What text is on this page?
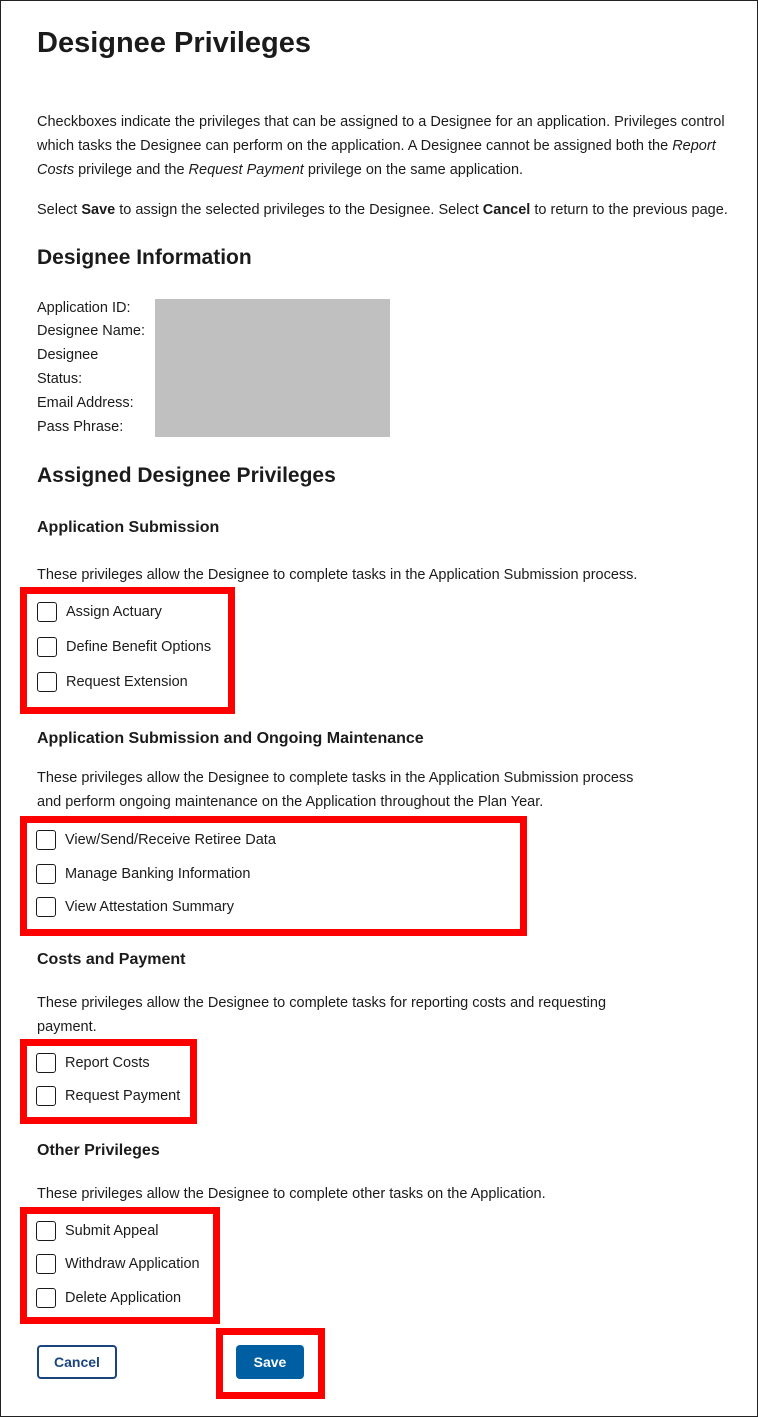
Designee Privileges

Checkboxes indicate the privileges that can be assigned to a Designee for an application. Privileges control which tasks the Designee can perform on the application. A Designee cannot be assigned both the Report Costs privilege and the Request Payment privilege on the same application.

Select Save to assign the selected privileges to the Designee. Select Cancel to return to the previous page.

Designee Information
Application ID:
Designee Name:
Designee
Status:
Email Address:
Pass Phrase:
Assigned Designee Privileges
Application Submission

These privileges allow the Designee to complete tasks in the Application Submission process.

Assign Actuary
Define Benefit Options
Request Extension
Application Submission and Ongoing Maintenance

These privileges allow the Designee to complete tasks in the Application Submission process
and perform ongoing maintenance on the Application throughout the Plan Year.

View/Send/Receive Retiree Data
Manage Banking Information
View Attestation Summary
Costs and Payment

These privileges allow the Designee to complete tasks for reporting costs and requesting
payment.

Report Costs
Request Payment
Other Privileges

These privileges allow the Designee to complete other tasks on the Application.

Submit Appeal
Withdraw Application
Delete Application
Cancel	Save
